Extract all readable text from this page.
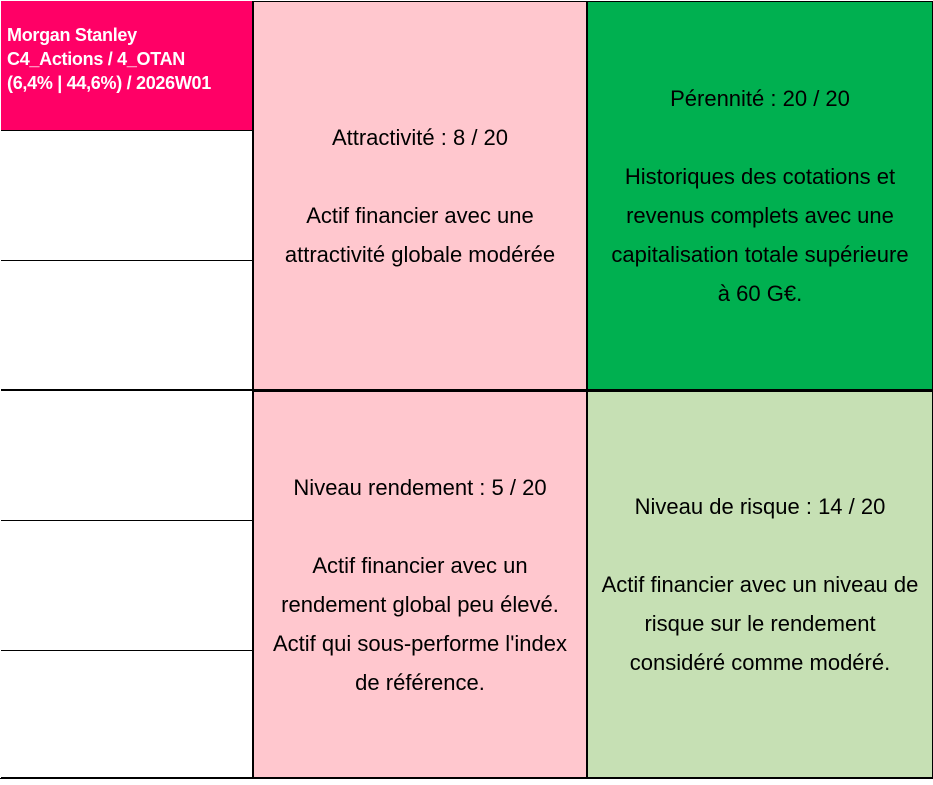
Morgan Stanley
C4_Actions / 4_OTAN
(6,4% | 44,6%) / 2026W01
Attractivité : 8 / 20
Actif financier avec une
attractivité globale modérée
Pérennité : 20 / 20
Historiques des cotations et
revenus complets avec une
capitalisation totale supérieure
à 60 G€.
Niveau rendement : 5 / 20
Actif financier avec un
rendement global peu élevé.
Actif qui sous-performe l'index
de référence.
Niveau de risque : 14 / 20
Actif financier avec un niveau de
risque sur le rendement
considéré comme modéré.
